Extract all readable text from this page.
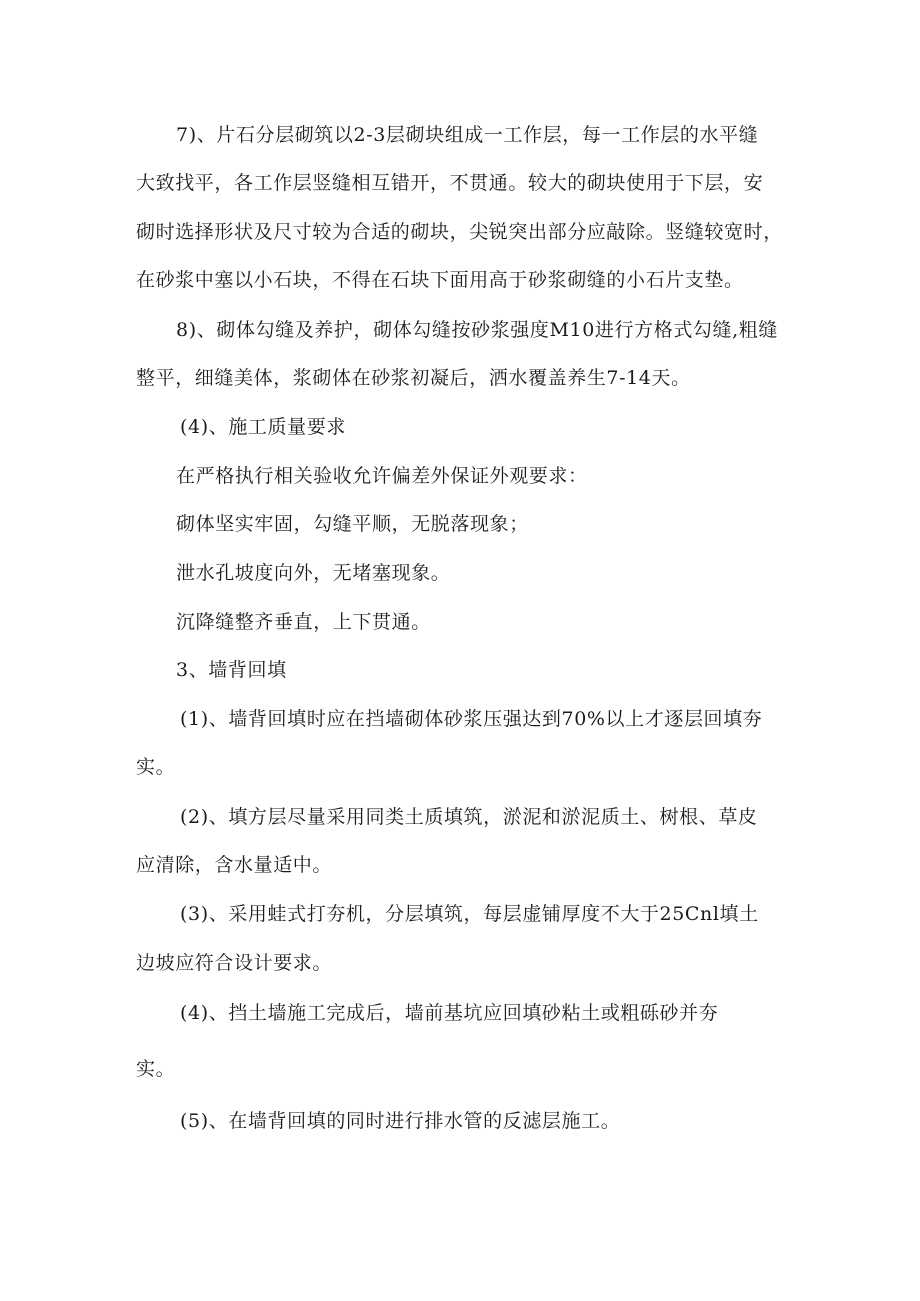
7)、片石分层砌筑以2-3层砌块组成一工作层，每一工作层的水平缝
大致找平，各工作层竖缝相互错开，不贯通。较大的砌块使用于下层，安
砌时选择形状及尺寸较为合适的砌块，尖锐突出部分应敲除。竖缝较宽时，
在砂浆中塞以小石块，不得在石块下面用高于砂浆砌缝的小石片支垫。
8)、砌体勾缝及养护，砌体勾缝按砂浆强度M10进行方格式勾缝,粗缝
整平，细缝美体，浆砌体在砂浆初凝后，洒水覆盖养生7-14天。
(4)、施工质量要求
在严格执行相关验收允许偏差外保证外观要求：
砌体坚实牢固，勾缝平顺，无脱落现象；
泄水孔坡度向外，无堵塞现象。
沉降缝整齐垂直，上下贯通。
3、墙背回填
(1)、墙背回填时应在挡墙砌体砂浆压强达到70%以上才逐层回填夯
实。
(2)、填方层尽量采用同类土质填筑，淤泥和淤泥质土、树根、草皮
应清除，含水量适中。
(3)、采用蛙式打夯机，分层填筑，每层虚铺厚度不大于25Cnl填土
边坡应符合设计要求。
(4)、挡土墙施工完成后，墙前基坑应回填砂粘土或粗砾砂并夯
实。
(5)、在墙背回填的同时进行排水管的反滤层施工。
